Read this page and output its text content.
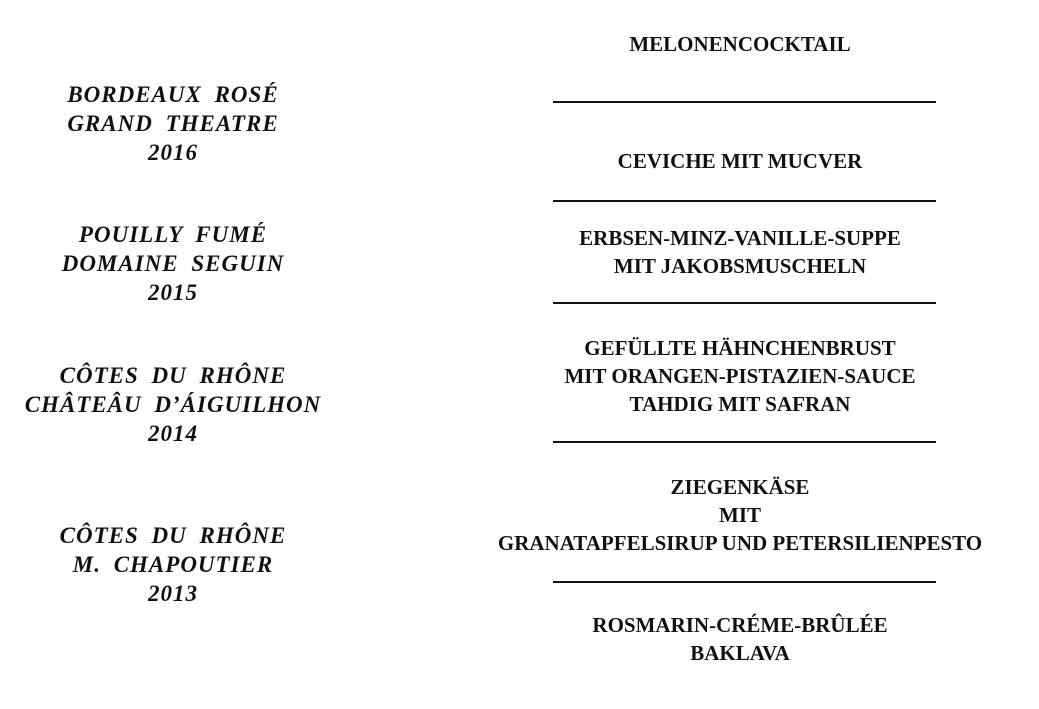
BORDEAUX ROSÉ
GRAND THEATRE
2016
POUILLY FUMÉ
DOMAINE SEGUIN
2015
CÔTES DU RHÔNE
CHÂTEÂU D’ÁIGUILHON
2014
CÔTES DU RHÔNE
M. CHAPOUTIER
2013
MELONENCOCKTAIL
CEVICHE MIT MUCVER
ERBSEN-MINZ-VANILLE-SUPPE
MIT JAKOBSMUSCHELN
GEFÜLLTE HÄHNCHENBRUST
MIT ORANGEN-PISTAZIEN-SAUCE
TAHDIG MIT SAFRAN
ZIEGENKÄSE
MIT
GRANATAPFELSIRUP UND PETERSILIENPESTO
ROSMARIN-CRÉME-BRÛLÉE
BAKLAVA
